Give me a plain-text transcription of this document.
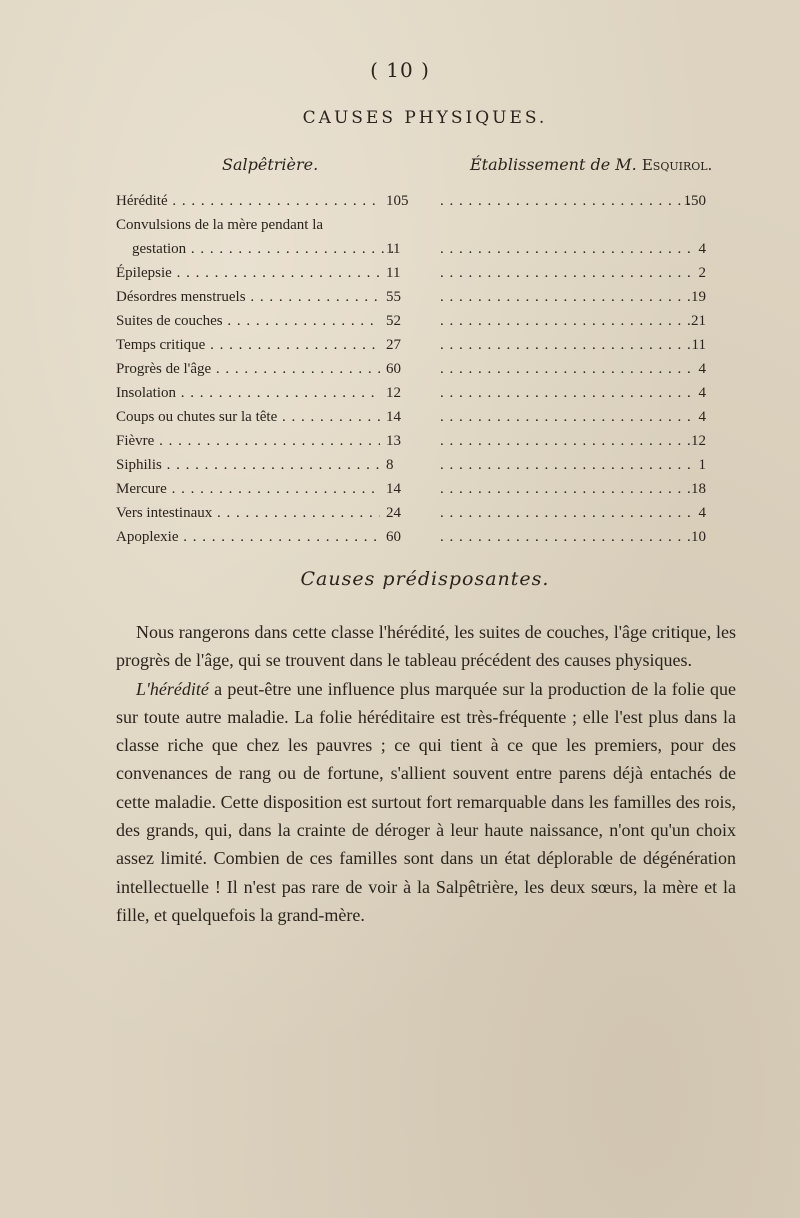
( 10 )
CAUSES PHYSIQUES.
Salpêtrière.	Établissement de M. Esquirol.
Hérédité . . .	105 . . .	150
Convulsions de la mère pendant la
gestation . . .	11 . . .	4
Épilepsie . . .	11 . . .	2
Désordres menstruels . . .	55 . . .	19
Suites de couches . . .	52 . . .	21
Temps critique . . .	27 . . .	11
Progrès de l'âge . . .	60 . . .	4
Insolation . . .	12 . . .	4
Coups ou chutes sur la tête . . .	14 . . .	4
Fièvre . . .	13 . . .	12
Siphilis . . .	8 . . .	1
Mercure . . .	14 . . .	18
Vers intestinaux . . .	24 . . .	4
Apoplexie . . .	60 . . .	10
Causes prédisposantes.

Nous rangerons dans cette classe l'hérédité, les suites de couches, l'âge critique, les progrès de l'âge, qui se trouvent dans le tableau précédent des causes physiques.

L'hérédité a peut-être une influence plus marquée sur la production de la folie que sur toute autre maladie. La folie héréditaire est très-fréquente ; elle l'est plus dans la classe riche que chez les pauvres ; ce qui tient à ce que les premiers, pour des convenances de rang ou de fortune, s'allient souvent entre parens déjà entachés de cette maladie. Cette disposition est surtout fort remarquable dans les familles des rois, des grands, qui, dans la crainte de déroger à leur haute naissance, n'ont qu'un choix assez limité. Combien de ces familles sont dans un état déplorable de dégénération intellectuelle ! Il n'est pas rare de voir à la Salpêtrière, les deux sœurs, la mère et la fille, et quelquefois la grand-mère.
